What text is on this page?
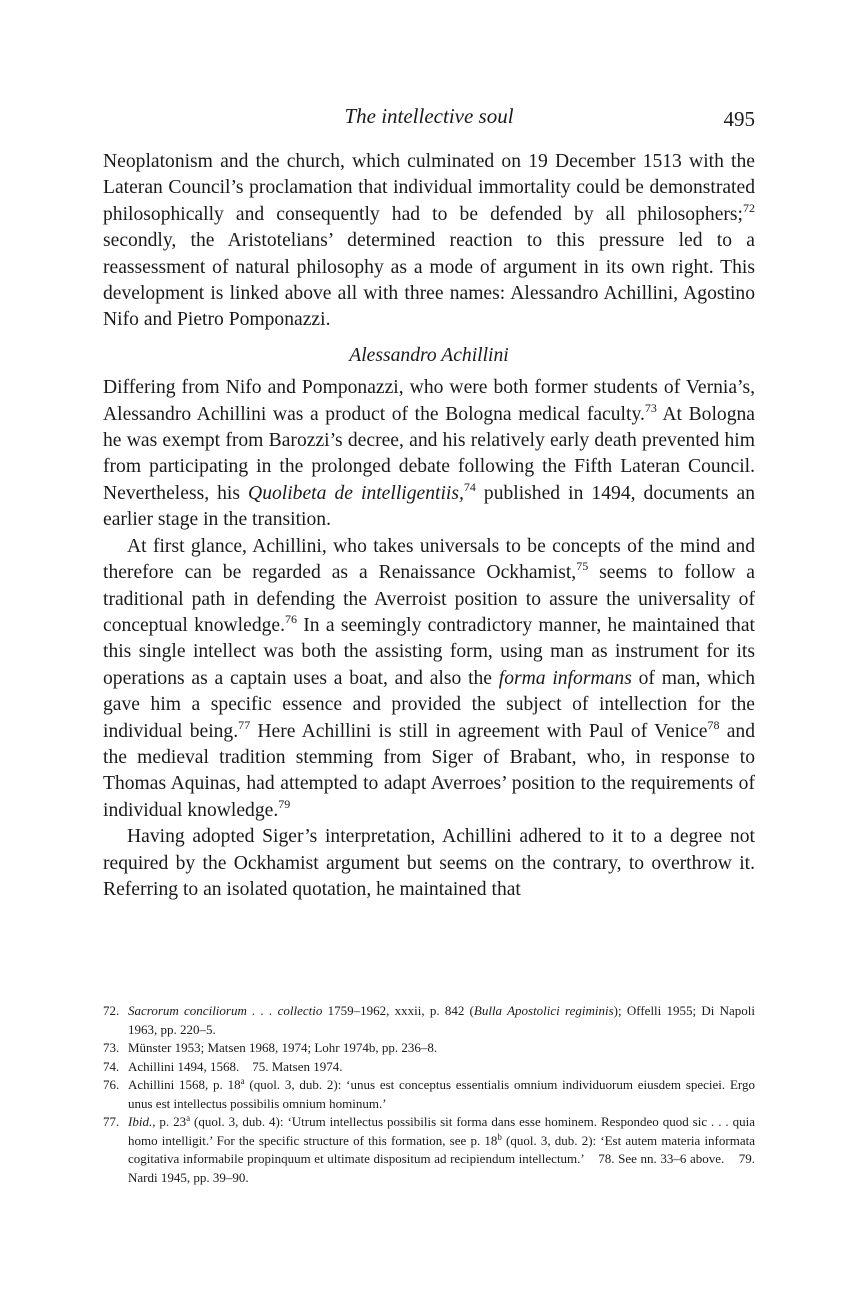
The intellective soul	495

Neoplatonism and the church, which culminated on 19 December 1513 with the Lateran Council’s proclamation that individual immortality could be demonstrated philosophically and consequently had to be defended by all philosophers;$^{72}$ secondly, the Aristotelians’ determined reaction to this pressure led to a reassessment of natural philosophy as a mode of argument in its own right. This development is linked above all with three names: Alessandro Achillini, Agostino Nifo and Pietro Pomponazzi.

Alessandro Achillini

Differing from Nifo and Pomponazzi, who were both former students of Vernia’s, Alessandro Achillini was a product of the Bologna medical faculty.$^{73}$ At Bologna he was exempt from Barozzi’s decree, and his relatively early death prevented him from participating in the prolonged debate following the Fifth Lateran Council. Nevertheless, his Quolibeta de intelligentiis,$^{74}$ published in 1494, documents an earlier stage in the transition.

At first glance, Achillini, who takes universals to be concepts of the mind and therefore can be regarded as a Renaissance Ockhamist,$^{75}$ seems to follow a traditional path in defending the Averroist position to assure the universality of conceptual knowledge.$^{76}$ In a seemingly contradictory manner, he maintained that this single intellect was both the assisting form, using man as instrument for its operations as a captain uses a boat, and also the forma informans of man, which gave him a specific essence and provided the subject of intellection for the individual being.$^{77}$ Here Achillini is still in agreement with Paul of Venice$^{78}$ and the medieval tradition stemming from Siger of Brabant, who, in response to Thomas Aquinas, had attempted to adapt Averroes’ position to the requirements of individual knowledge.$^{79}$

Having adopted Siger’s interpretation, Achillini adhered to it to a degree not required by the Ockhamist argument but seems on the contrary, to overthrow it. Referring to an isolated quotation, he maintained that

72. Sacrorum conciliorum . . . collectio 1759–1962, xxxii, p. 842 (Bulla Apostolici regiminis); Offelli 1955; Di Napoli 1963, pp. 220–5.
73. Münster 1953; Matsen 1968, 1974; Lohr 1974b, pp. 236–8.
74. Achillini 1494, 1568.    75. Matsen 1974.
76. Achillini 1568, p. 18$^a$ (quol. 3, dub. 2): ‘unus est conceptus essentialis omnium individuorum eiusdem speciei. Ergo unus est intellectus possibilis omnium hominum.’
77. Ibid., p. 23$^a$ (quol. 3, dub. 4): ‘Utrum intellectus possibilis sit forma dans esse hominem. Respondeo quod sic . . . quia homo intelligit.’ For the specific structure of this formation, see p. 18$^b$ (quol. 3, dub. 2): ‘Est autem materia informata cogitativa informabile propinquum et ultimate dispositum ad recipiendum intellectum.’    78. See nn. 33–6 above.    79. Nardi 1945, pp. 39–90.
